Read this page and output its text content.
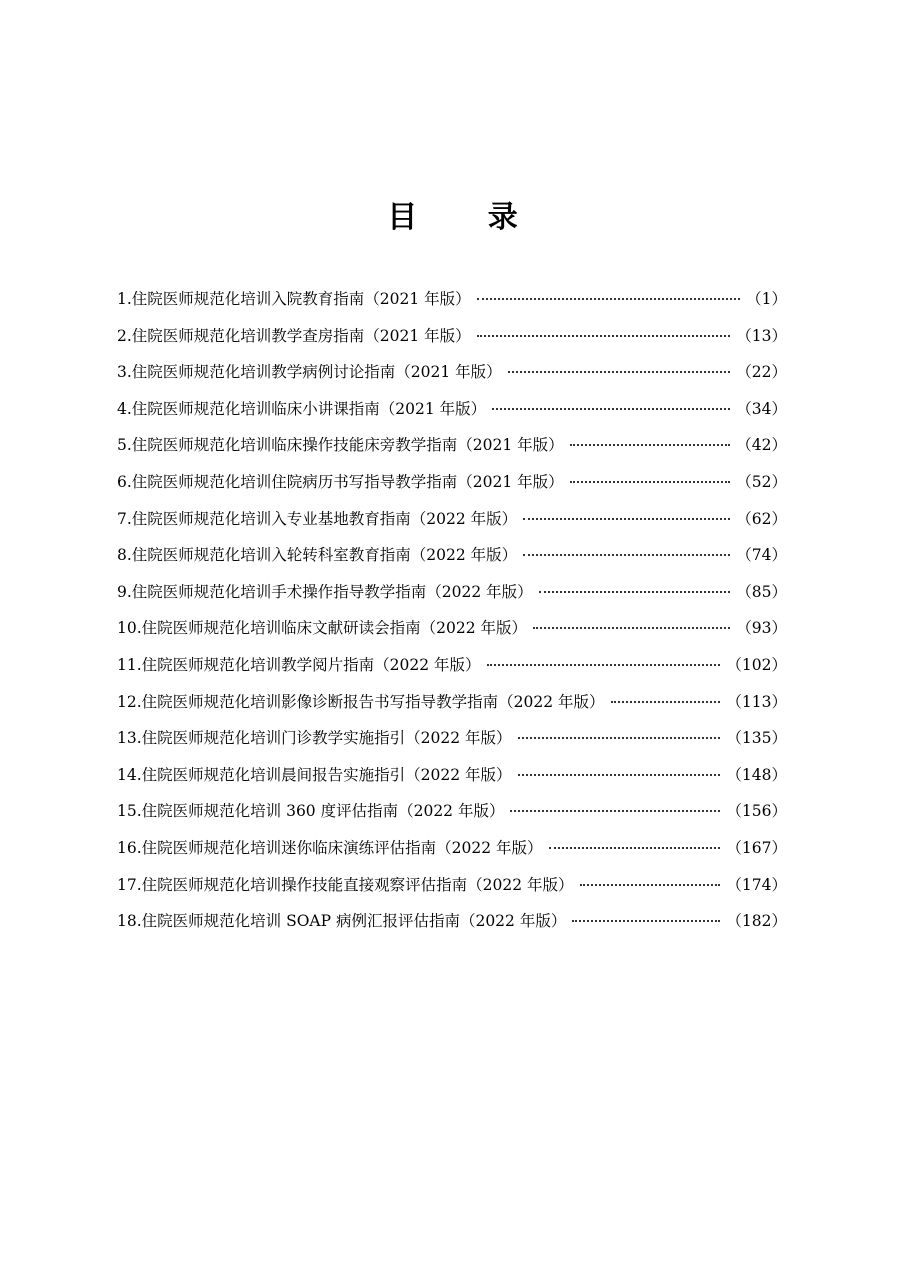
目 录
1.住院医师规范化培训入院教育指南（2021 年版）	（1）
2.住院医师规范化培训教学查房指南（2021 年版）	（13）
3.住院医师规范化培训教学病例讨论指南（2021 年版）	（22）
4.住院医师规范化培训临床小讲课指南（2021 年版）	（34）
5.住院医师规范化培训临床操作技能床旁教学指南（2021 年版）	（42）
6.住院医师规范化培训住院病历书写指导教学指南（2021 年版）	（52）
7.住院医师规范化培训入专业基地教育指南（2022 年版）	（62）
8.住院医师规范化培训入轮转科室教育指南（2022 年版）	（74）
9.住院医师规范化培训手术操作指导教学指南（2022 年版）	（85）
10.住院医师规范化培训临床文献研读会指南（2022 年版）	（93）
11.住院医师规范化培训教学阅片指南（2022 年版）	（102）
12.住院医师规范化培训影像诊断报告书写指导教学指南（2022 年版）	（113）
13.住院医师规范化培训门诊教学实施指引（2022 年版）	（135）
14.住院医师规范化培训晨间报告实施指引（2022 年版）	（148）
15.住院医师规范化培训 360 度评估指南（2022 年版）	（156）
16.住院医师规范化培训迷你临床演练评估指南（2022 年版）	（167）
17.住院医师规范化培训操作技能直接观察评估指南（2022 年版）	（174）
18.住院医师规范化培训 SOAP 病例汇报评估指南（2022 年版）	（182）
